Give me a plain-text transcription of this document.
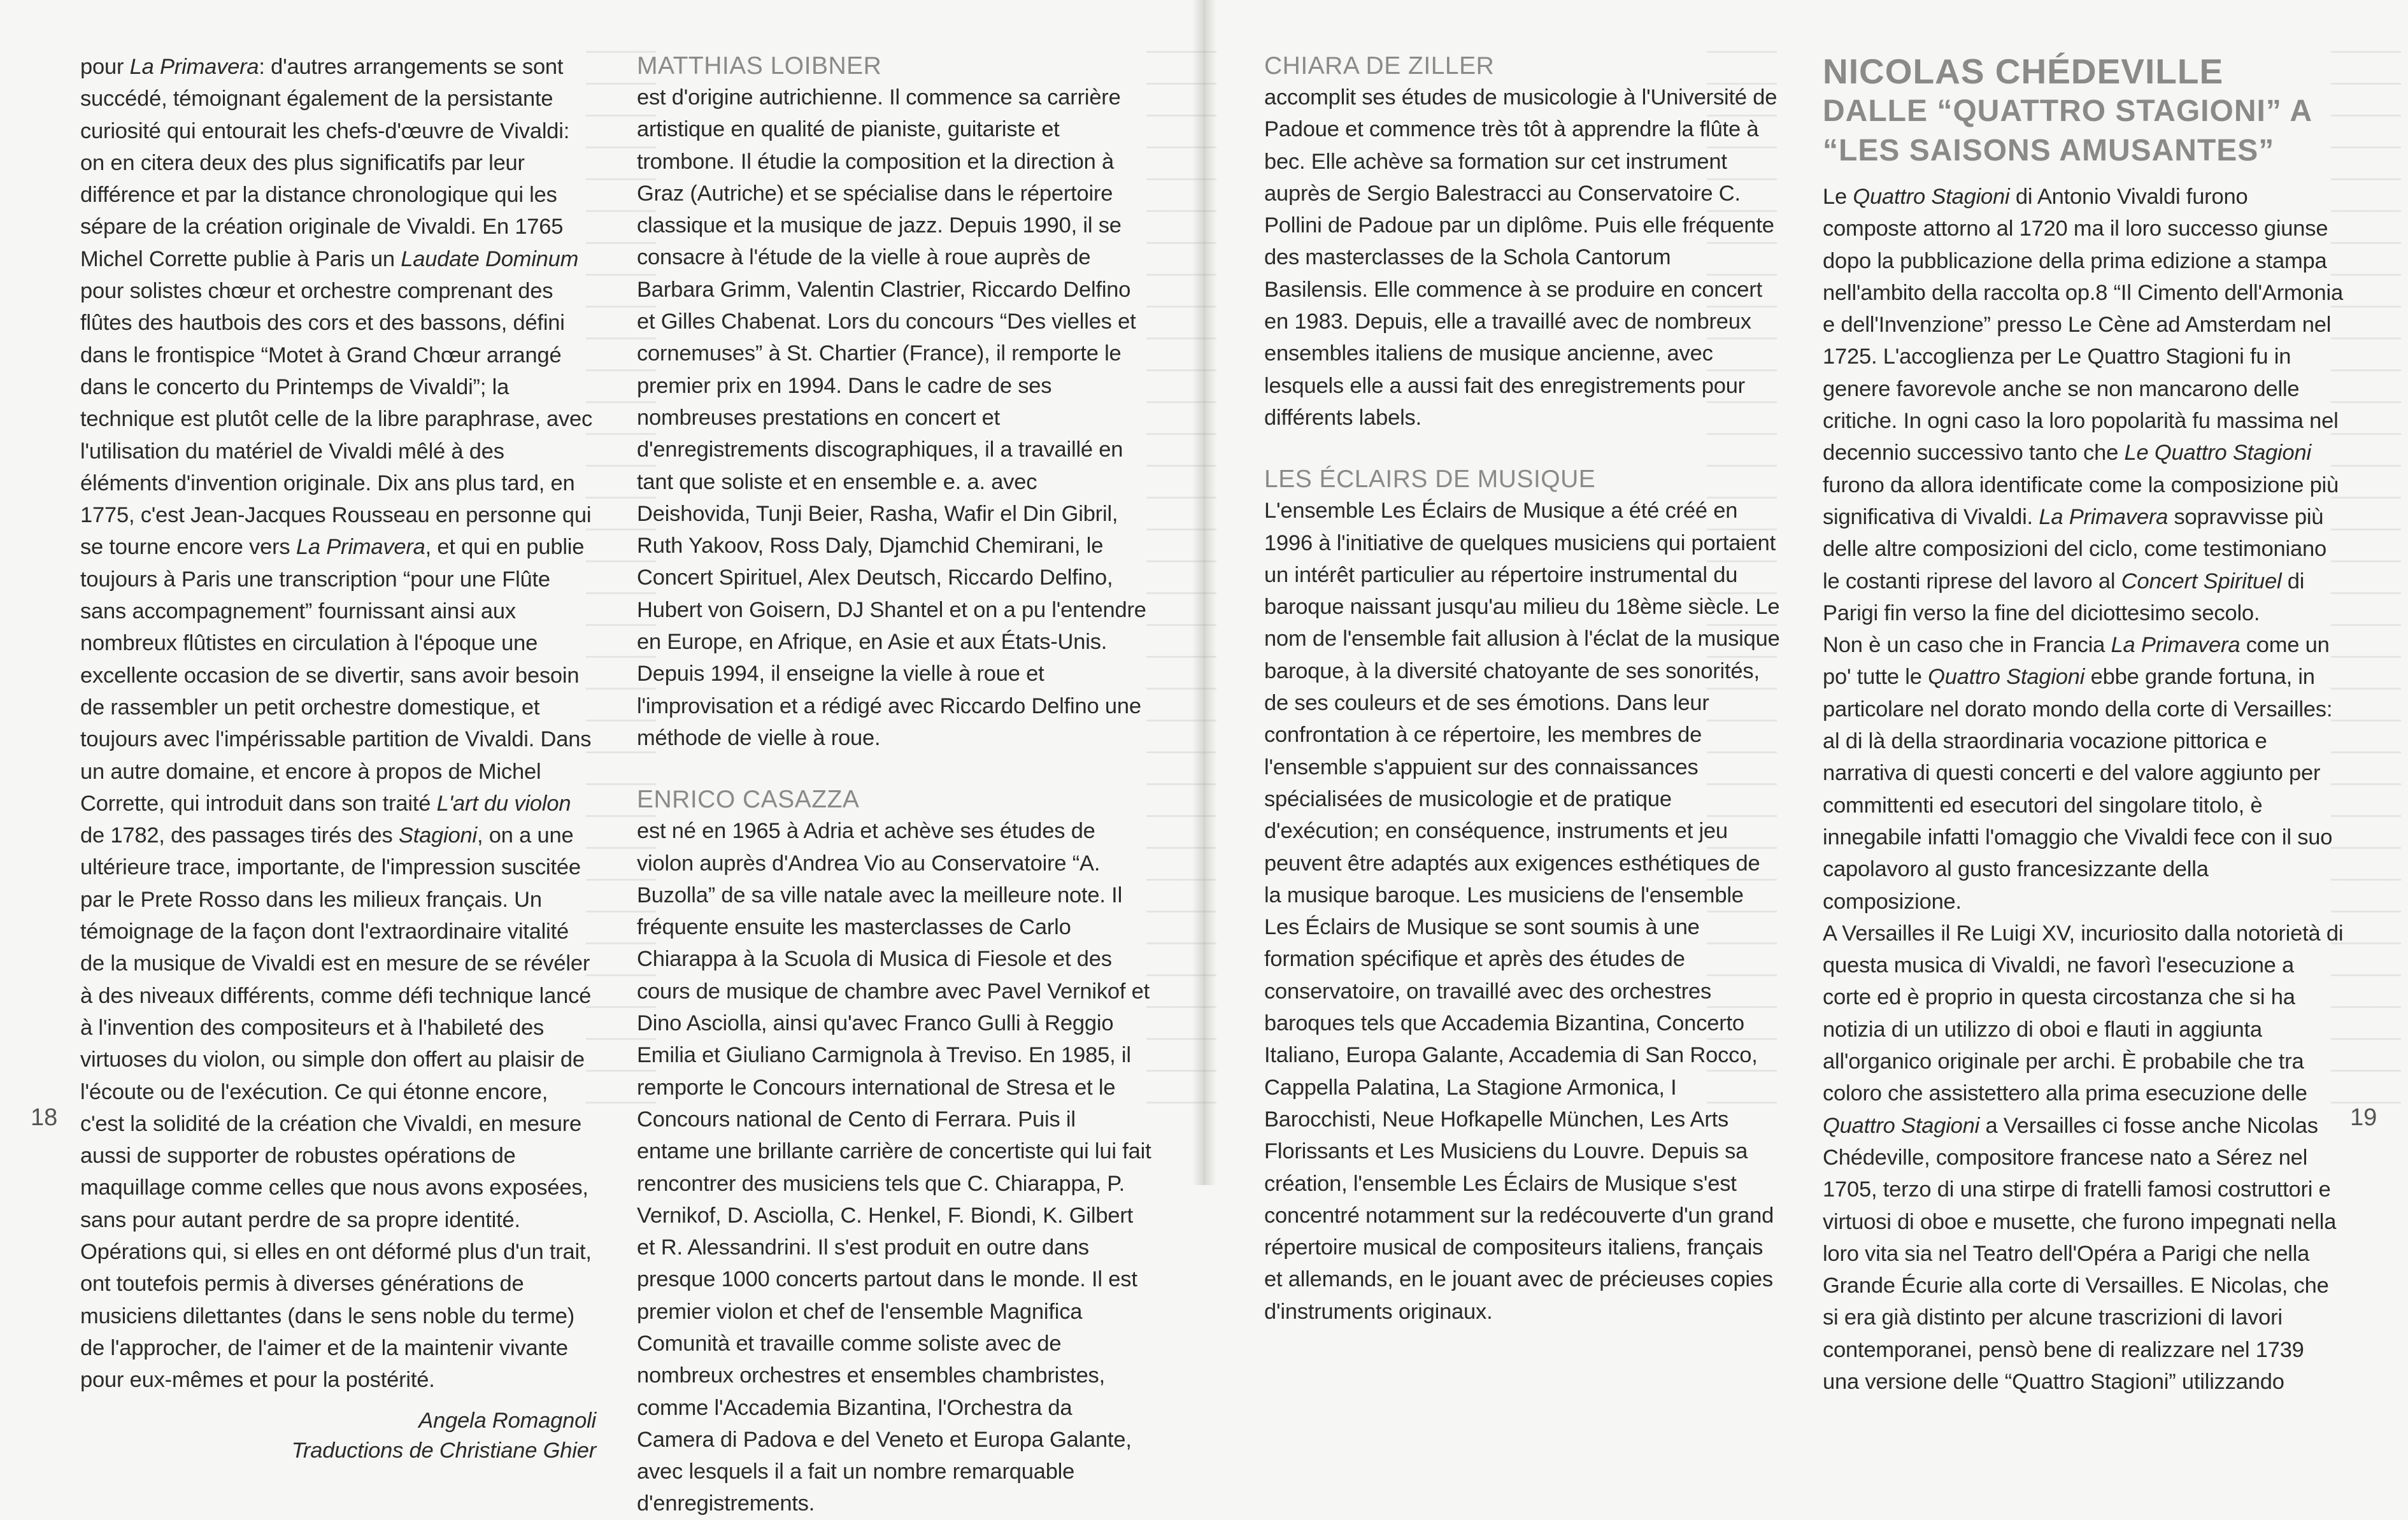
pour La Primavera: d'autres arrangements se sont succédé, témoignant également de la persistante curiosité qui entourait les chefs-d'œuvre de Vivaldi: on en citera deux des plus significatifs par leur différence et par la distance chronologique qui les sépare de la création originale de Vivaldi. En 1765 Michel Corrette publie à Paris un Laudate Dominum pour solistes chœur et orchestre comprenant des flûtes des hautbois des cors et des bassons, défini dans le frontispice “Motet à Grand Chœur arrangé dans le concerto du Printemps de Vivaldi”; la technique est plutôt celle de la libre paraphrase, avec l'utilisation du matériel de Vivaldi mêlé à des éléments d'invention originale. Dix ans plus tard, en 1775, c'est Jean-Jacques Rousseau en personne qui se tourne encore vers La Primavera, et qui en publie toujours à Paris une transcription “pour une Flûte sans accompagnement” fournissant ainsi aux nombreux flûtistes en circulation à l'époque une excellente occasion de se divertir, sans avoir besoin de rassembler un petit orchestre domestique, et toujours avec l'impérissable partition de Vivaldi. Dans un autre domaine, et encore à propos de Michel Corrette, qui introduit dans son traité L'art du violon de 1782, des passages tirés des Stagioni, on a une ultérieure trace, importante, de l'impression suscitée par le Prete Rosso dans les milieux français. Un témoignage de la façon dont l'extraordinaire vitalité de la musique de Vivaldi est en mesure de se révéler à des niveaux différents, comme défi technique lancé à l'invention des compositeurs et à l'habileté des virtuoses du violon, ou simple don offert au plaisir de l'écoute ou de l'exécution. Ce qui étonne encore, c'est la solidité de la création che Vivaldi, en mesure aussi de supporter de robustes opérations de maquillage comme celles que nous avons exposées, sans pour autant perdre de sa propre identité. Opérations qui, si elles en ont déformé plus d'un trait, ont toutefois permis à diverses générations de musiciens dilettantes (dans le sens noble du terme) de l'approcher, de l'aimer et de la maintenir vivante pour eux-mêmes et pour la postérité.

Angela Romagnoli
Traductions de Christiane Ghier
MATTHIAS LOIBNER

est d'origine autrichienne. Il commence sa carrière artistique en qualité de pianiste, guitariste et trombone. Il étudie la composition et la direction à Graz (Autriche) et se spécialise dans le répertoire classique et la musique de jazz. Depuis 1990, il se consacre à l'étude de la vielle à roue auprès de Barbara Grimm, Valentin Clastrier, Riccardo Delfino et Gilles Chabenat. Lors du concours “Des vielles et cornemuses” à St. Chartier (France), il remporte le premier prix en 1994. Dans le cadre de ses nombreuses prestations en concert et d'enregistrements discographiques, il a travaillé en tant que soliste et en ensemble e. a. avec Deishovida, Tunji Beier, Rasha, Wafir el Din Gibril, Ruth Yakoov, Ross Daly, Djamchid Chemirani, le Concert Spirituel, Alex Deutsch, Riccardo Delfino, Hubert von Goisern, DJ Shantel et on a pu l'entendre en Europe, en Afrique, en Asie et aux États-Unis. Depuis 1994, il enseigne la vielle à roue et l'improvisation et a rédigé avec Riccardo Delfino une méthode de vielle à roue.

ENRICO CASAZZA

est né en 1965 à Adria et achève ses études de violon auprès d'Andrea Vio au Conservatoire “A. Buzolla” de sa ville natale avec la meilleure note. Il fréquente ensuite les masterclasses de Carlo Chiarappa à la Scuola di Musica di Fiesole et des cours de musique de chambre avec Pavel Vernikof et Dino Asciolla, ainsi qu'avec Franco Gulli à Reggio Emilia et Giuliano Carmignola à Treviso. En 1985, il remporte le Concours international de Stresa et le Concours national de Cento di Ferrara. Puis il entame une brillante carrière de concertiste qui lui fait rencontrer des musiciens tels que C. Chiarappa, P. Vernikof, D. Asciolla, C. Henkel, F. Biondi, K. Gilbert et R. Alessandrini. Il s'est produit en outre dans presque 1000 concerts partout dans le monde. Il est premier violon et chef de l'ensemble Magnifica Comunità et travaille comme soliste avec de nombreux orchestres et ensembles chambristes, comme l'Accademia Bizantina, l'Orchestra da Camera di Padova e del Veneto et Europa Galante, avec lesquels il a fait un nombre remarquable d'enregistrements.

CHIARA DE ZILLER

accomplit ses études de musicologie à l'Université de Padoue et commence très tôt à apprendre la flûte à bec. Elle achève sa formation sur cet instrument auprès de Sergio Balestracci au Conservatoire C. Pollini de Padoue par un diplôme. Puis elle fréquente des masterclasses de la Schola Cantorum Basilensis. Elle commence à se produire en concert en 1983. Depuis, elle a travaillé avec de nombreux ensembles italiens de musique ancienne, avec lesquels elle a aussi fait des enregistrements pour différents labels.

LES ÉCLAIRS DE MUSIQUE

L'ensemble Les Éclairs de Musique a été créé en 1996 à l'initiative de quelques musiciens qui portaient un intérêt particulier au répertoire instrumental du baroque naissant jusqu'au milieu du 18ème siècle. Le nom de l'ensemble fait allusion à l'éclat de la musique baroque, à la diversité chatoyante de ses sonorités, de ses couleurs et de ses émotions. Dans leur confrontation à ce répertoire, les membres de l'ensemble s'appuient sur des connaissances spécialisées de musicologie et de pratique d'exécution; en conséquence, instruments et jeu peuvent être adaptés aux exigences esthétiques de la musique baroque. Les musiciens de l'ensemble Les Éclairs de Musique se sont soumis à une formation spécifique et après des études de conservatoire, on travaillé avec des orchestres baroques tels que Accademia Bizantina, Concerto Italiano, Europa Galante, Accademia di San Rocco, Cappella Palatina, La Stagione Armonica, I Barocchisti, Neue Hofkapelle München, Les Arts Florissants et Les Musiciens du Louvre. Depuis sa création, l'ensemble Les Éclairs de Musique s'est concentré notamment sur la redécouverte d'un grand répertoire musical de compositeurs italiens, français et allemands, en le jouant avec de précieuses copies d'instruments originaux.

NICOLAS CHÉDEVILLE
DALLE “QUATTRO STAGIONI” A
“LES SAISONS AMUSANTES”

Le Quattro Stagioni di Antonio Vivaldi furono composte attorno al 1720 ma il loro successo giunse dopo la pubblicazione della prima edizione a stampa nell'ambito della raccolta op.8 “Il Cimento dell'Armonia e dell'Invenzione” presso Le Cène ad Amsterdam nel 1725. L'accoglienza per Le Quattro Stagioni fu in genere favorevole anche se non mancarono delle critiche. In ogni caso la loro popolarità fu massima nel decennio successivo tanto che Le Quattro Stagioni furono da allora identificate come la composizione più significativa di Vivaldi. La Primavera sopravvisse più delle altre composizioni del ciclo, come testimoniano le costanti riprese del lavoro al Concert Spirituel di Parigi fin verso la fine del diciottesimo secolo.
Non è un caso che in Francia La Primavera come un po' tutte le Quattro Stagioni ebbe grande fortuna, in particolare nel dorato mondo della corte di Versailles: al di là della straordinaria vocazione pittorica e narrativa di questi concerti e del valore aggiunto per committenti ed esecutori del singolare titolo, è innegabile infatti l'omaggio che Vivaldi fece con il suo capolavoro al gusto francesizzante della composizione.
A Versailles il Re Luigi XV, incuriosito dalla notorietà di questa musica di Vivaldi, ne favorì l'esecuzione a corte ed è proprio in questa circostanza che si ha notizia di un utilizzo di oboi e flauti in aggiunta all'organico originale per archi. È probabile che tra coloro che assistettero alla prima esecuzione delle Quattro Stagioni a Versailles ci fosse anche Nicolas Chédeville, compositore francese nato a Sérez nel 1705, terzo di una stirpe di fratelli famosi costruttori e virtuosi di oboe e musette, che furono impegnati nella loro vita sia nel Teatro dell'Opéra a Parigi che nella Grande Écurie alla corte di Versailles. E Nicolas, che si era già distinto per alcune trascrizioni di lavori contemporanei, pensò bene di realizzare nel 1739 una versione delle “Quattro Stagioni” utilizzando

18	19
